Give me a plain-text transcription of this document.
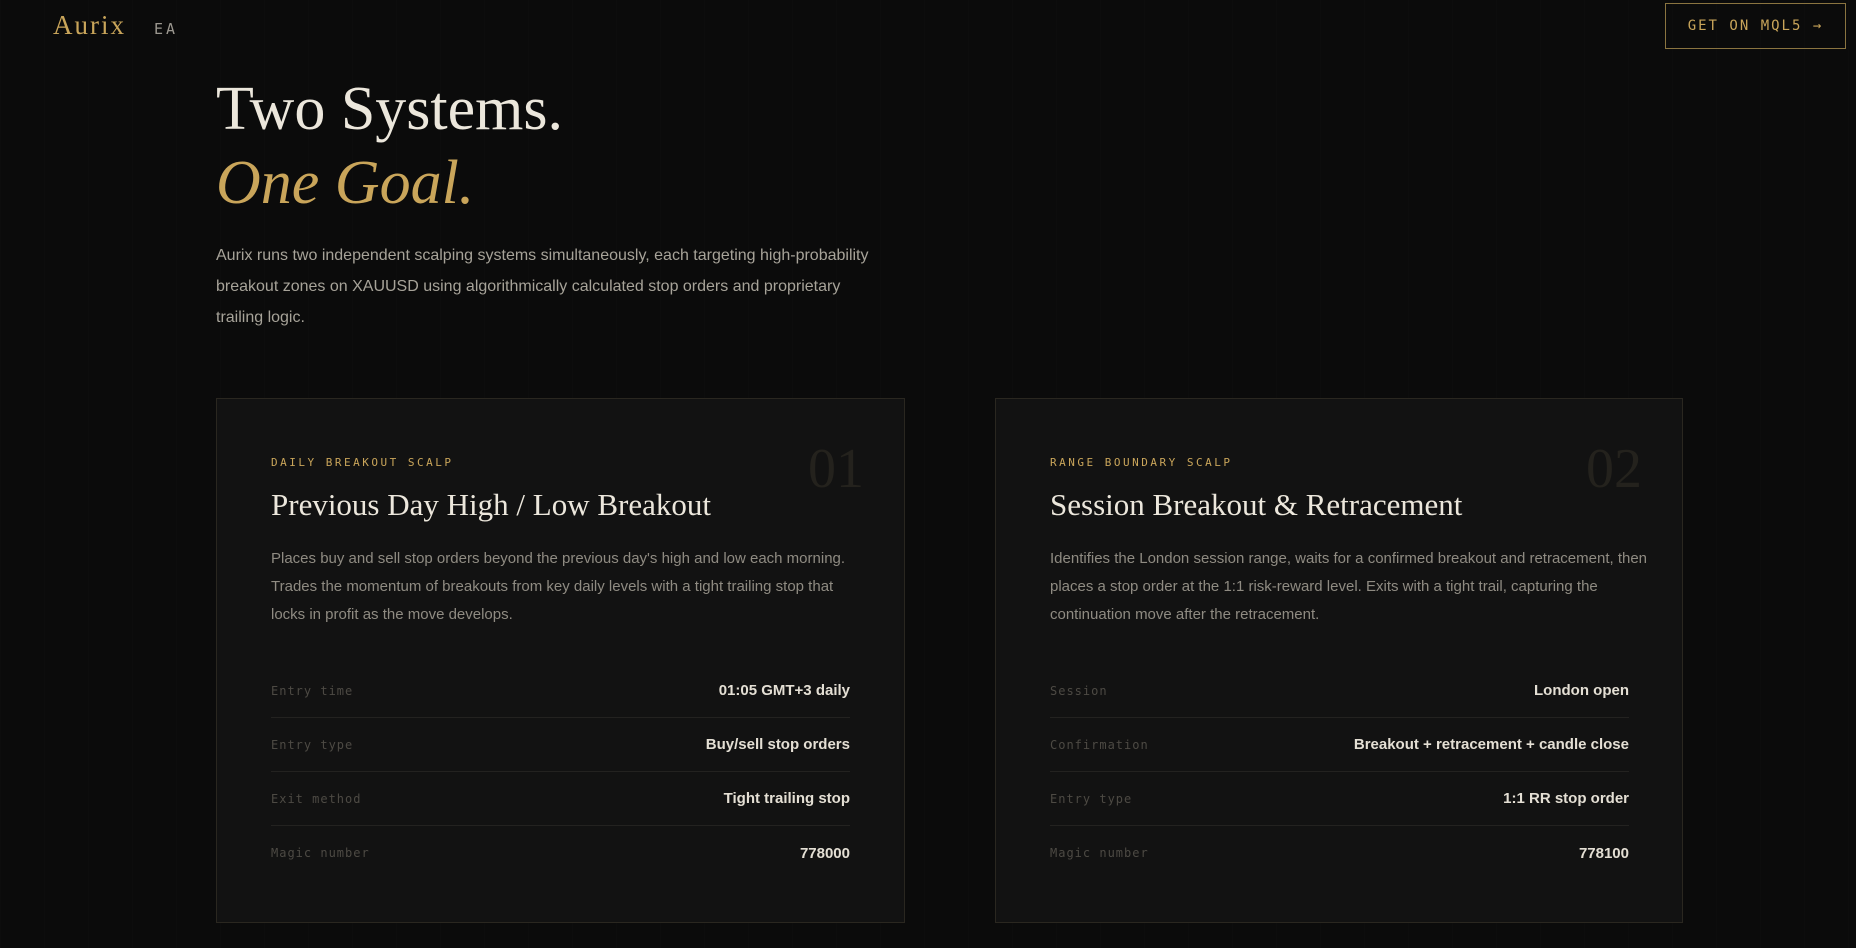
Aurix EA	GET ON MQL5 →
Two Systems.
One Goal.

Aurix runs two independent scalping systems simultaneously, each targeting high-probability breakout zones on XAUUSD using algorithmically calculated stop orders and proprietary trailing logic.

DAILY BREAKOUT SCALP	01
Previous Day High / Low Breakout

Places buy and sell stop orders beyond the previous day's high and low each morning. Trades the momentum of breakouts from key daily levels with a tight trailing stop that locks in profit as the move develops.

Entry time	01:05 GMT+3 daily
Entry type	Buy/sell stop orders
Exit method	Tight trailing stop
Magic number	778000
RANGE BOUNDARY SCALP	02
Session Breakout & Retracement

Identifies the London session range, waits for a confirmed breakout and retracement, then places a stop order at the 1:1 risk-reward level. Exits with a tight trail, capturing the continuation move after the retracement.

Session	London open
Confirmation	Breakout + retracement + candle close
Entry type	1:1 RR stop order
Magic number	778100
